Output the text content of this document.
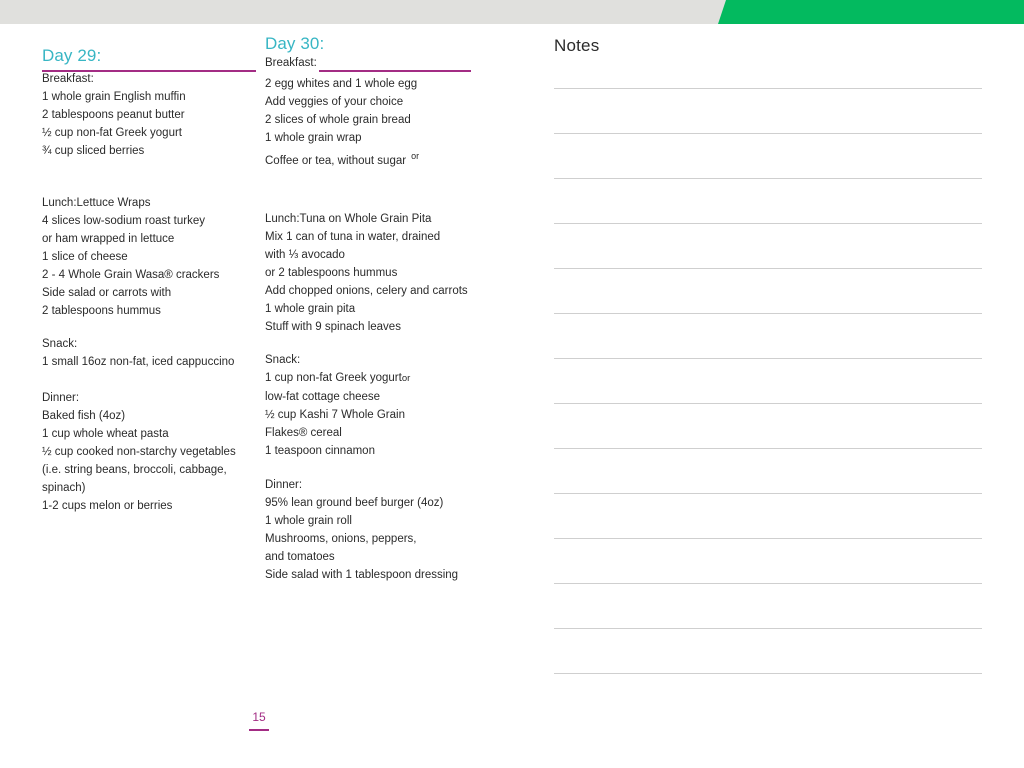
Day 29:
Breakfast:
1 whole grain English muffin
2 tablespoons peanut butter
½ cup non-fat Greek yogurt
¾ cup sliced berries
Lunch:Lettuce Wraps
4 slices low-sodium roast turkey
or ham wrapped in lettuce
1 slice of cheese
2 - 4 Whole Grain Wasa® crackers
Side salad or carrots with
2 tablespoons hummus
Snack:
1 small 16oz non-fat, iced cappuccino
Dinner:
Baked fish (4oz)
1 cup whole wheat pasta
½ cup cooked non-starchy vegetables
(i.e. string beans, broccoli, cabbage,
spinach)
1-2 cups melon or berries
Day 30:
Breakfast:
2 egg whites and 1 whole egg
Add veggies of your choice
2 slices of whole grain bread
1 whole grain wrap
Coffee or tea, without sugar $^{or}$
Lunch:Tuna on Whole Grain Pita
Mix 1 can of tuna in water, drained
with ⅓ avocado
or 2 tablespoons hummus
Add chopped onions, celery and carrots
1 whole grain pita
Stuff with 9 spinach leaves
Snack:
1 cup non-fat Greek yogurtor
low-fat cottage cheese
½ cup Kashi 7 Whole Grain
Flakes® cereal
1 teaspoon cinnamon
Dinner:
95% lean ground beef burger (4oz)
1 whole grain roll
Mushrooms, onions, peppers,
and tomatoes
Side salad with 1 tablespoon dressing
Notes
15
